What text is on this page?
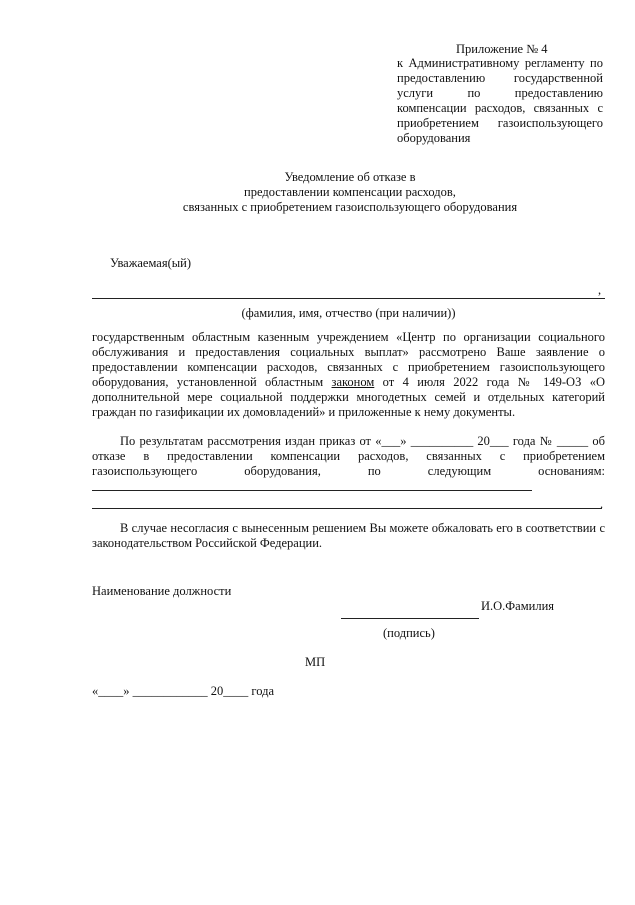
Приложение № 4
к Административному регламенту по предоставлению государственной услуги по предоставлению компенсации расходов, связанных с приобретением газоиспользующего оборудования
Уведомление об отказе в
предоставлении компенсации расходов,
связанных с приобретением газоиспользующего оборудования
Уважаемая(ый)
,
(фамилия, имя, отчество (при наличии))
государственным областным казенным учреждением «Центр по организации социального обслуживания и предоставления социальных выплат» рассмотрено Ваше заявление о предоставлении компенсации расходов, связанных с приобретением газоиспользующего оборудования, установленной областным законом от 4 июля 2022 года № 149-ОЗ «О дополнительной мере социальной поддержки многодетных семей и отдельных категорий граждан по газификации их домовладений» и приложенные к нему документы.
По результатам рассмотрения издан приказ от «___» __________ 20___ года № _____ об отказе в предоставлении компенсации расходов, связанных с приобретением газоиспользующего оборудования, по следующим основаниям:
.
В случае несогласия с вынесенным решением Вы можете обжаловать его в соответствии с законодательством Российской Федерации.
Наименование должности
И.О.Фамилия
(подпись)
МП
«____» ____________ 20____ года
